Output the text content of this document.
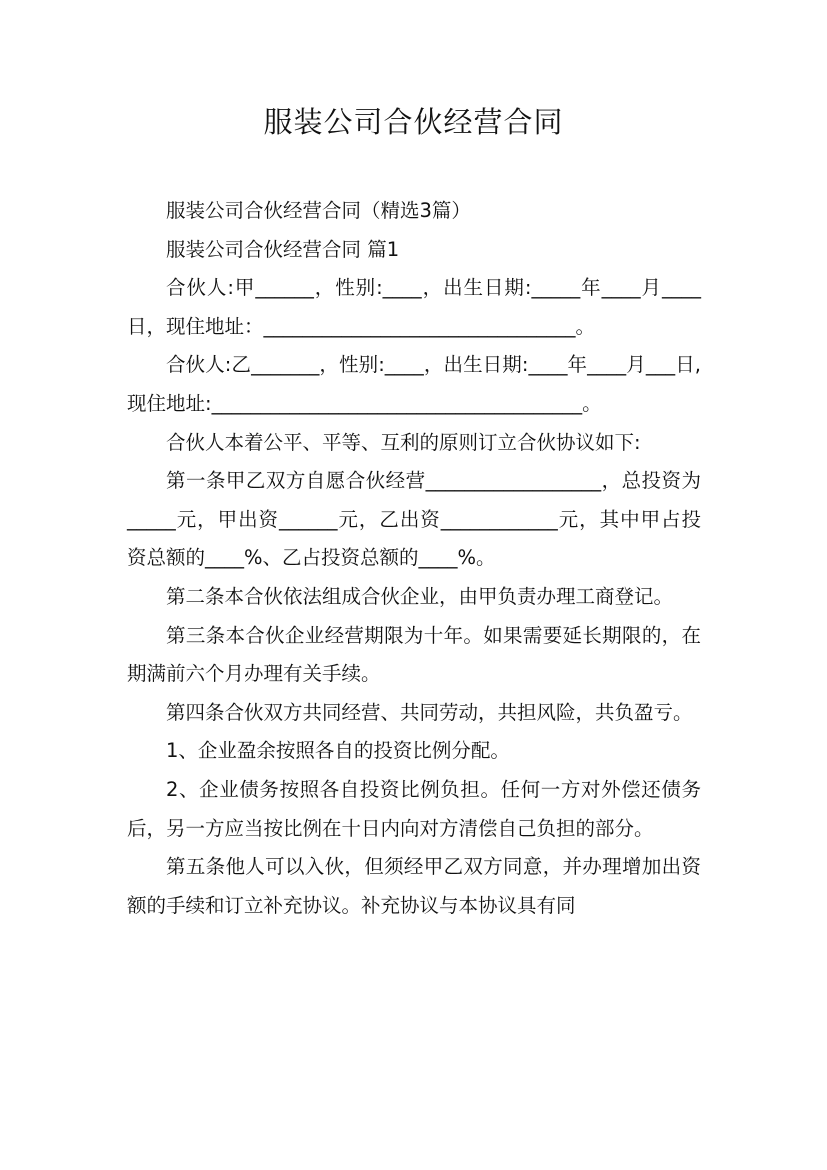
服装公司合伙经营合同

服装公司合伙经营合同（精选3篇）

服装公司合伙经营合同 篇1

合伙人:甲______，性别:____，出生日期:_____年____月____日，现住地址：________________________________。

合伙人:乙_______，性别:____，出生日期:____年____月___日,现住地址:______________________________________。

合伙人本着公平、平等、互利的原则订立合伙协议如下:

第一条甲乙双方自愿合伙经营__________________，总投资为_____元，甲出资______元，乙出资____________元，其中甲占投资总额的____%、乙占投资总额的____%。

第二条本合伙依法组成合伙企业，由甲负责办理工商登记。

第三条本合伙企业经营期限为十年。如果需要延长期限的，在期满前六个月办理有关手续。

第四条合伙双方共同经营、共同劳动，共担风险，共负盈亏。

1、企业盈余按照各自的投资比例分配。

2、企业债务按照各自投资比例负担。任何一方对外偿还债务后，另一方应当按比例在十日内向对方清偿自己负担的部分。

第五条他人可以入伙，但须经甲乙双方同意，并办理增加出资额的手续和订立补充协议。补充协议与本协议具有同
